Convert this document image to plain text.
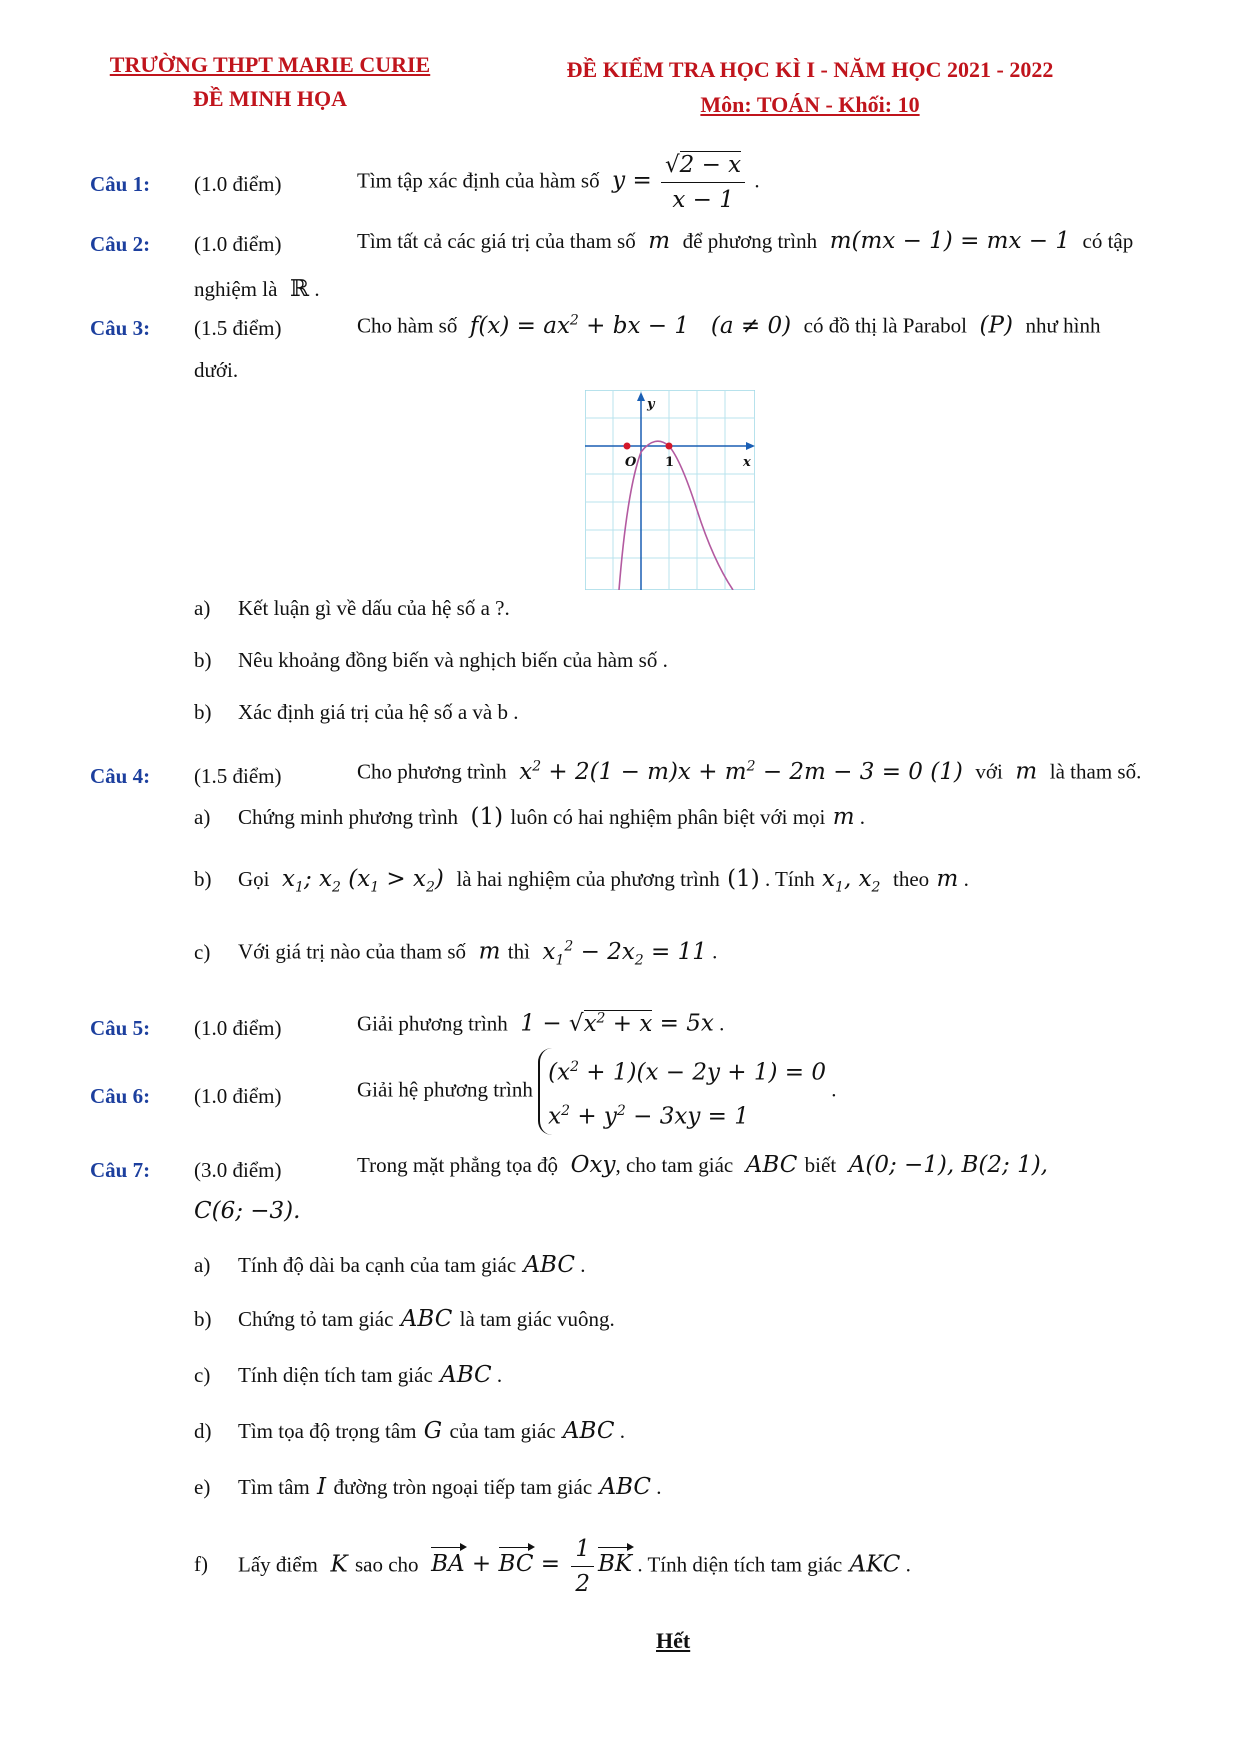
TRƯỜNG THPT MARIE CURIE
ĐỀ MINH HỌA
ĐỀ KIỂM TRA HỌC KÌ I - NĂM HỌC 2021 - 2022
Môn: TOÁN - Khối: 10
Câu 1: (1.0 điểm)	Tìm tập xác định của hàm số  $y = \frac{√2 - x}{x - 1}$ .
Câu 2: (1.0 điểm)	Tìm tất cả các giá trị của tham số  m  để phương trình  m(mx − 1) = mx − 1  có tập
nghiệm là  ℝ .
Câu 3: (1.5 điểm)	Cho hàm số  $f(x) = ax^2$ + bx − 1   (a ≠ 0)  có đồ thị là Parabol  (P)  như hình
dưới.
y
x
O 1
a) Kết luận gì về dấu của hệ số a ?.
b) Nêu khoảng đồng biến và nghịch biến của hàm số .
b) Xác định giá trị của hệ số a và b .
Câu 4: (1.5 điểm)	Cho phương trình  $x^2 + 2(1 - m)x + m^2 - 2m - 3 = 0$ (1)  với  m  là tham số.
a) Chứng minh phương trình  (1) luôn có hai nghiệm phân biệt với mọi m .
b) Gọi  $x_1$; $x_2$ $(x_1 > x_2)$  là hai nghiệm của phương trình (1) . Tính $x_1$, $x_2$ theo m .
c) Với giá trị nào của tham số  m thì  $x_1^2 - 2x_2 = 11$ .
Câu 5: (1.0 điểm)	Giải phương trình  $1 - √x^2 + x = 5x$ .
Câu 6: (1.0 điểm)	Giải hệ phương trình
$(x^2 + 1)(x - 2y + 1) = 0$
$x^2 + y^2 - 3xy = 1$
.
Câu 7: (3.0 điểm)	Trong mặt phẳng tọa độ  Oxy, cho tam giác  ABC biết  A(0; −1), B(2; 1),
C(6; −3).
a) Tính độ dài ba cạnh của tam giác ABC .
b) Chứng tỏ tam giác ABC là tam giác vuông.
c) Tính diện tích tam giác ABC .
d) Tìm tọa độ trọng tâm G của tam giác ABC .
e) Tìm tâm I đường tròn ngoại tiếp tam giác ABC .
f) Lấy điểm  K sao cho BA + BC = $\frac{1}{2}$ BK . Tính diện tích tam giác AKC .
Hết
